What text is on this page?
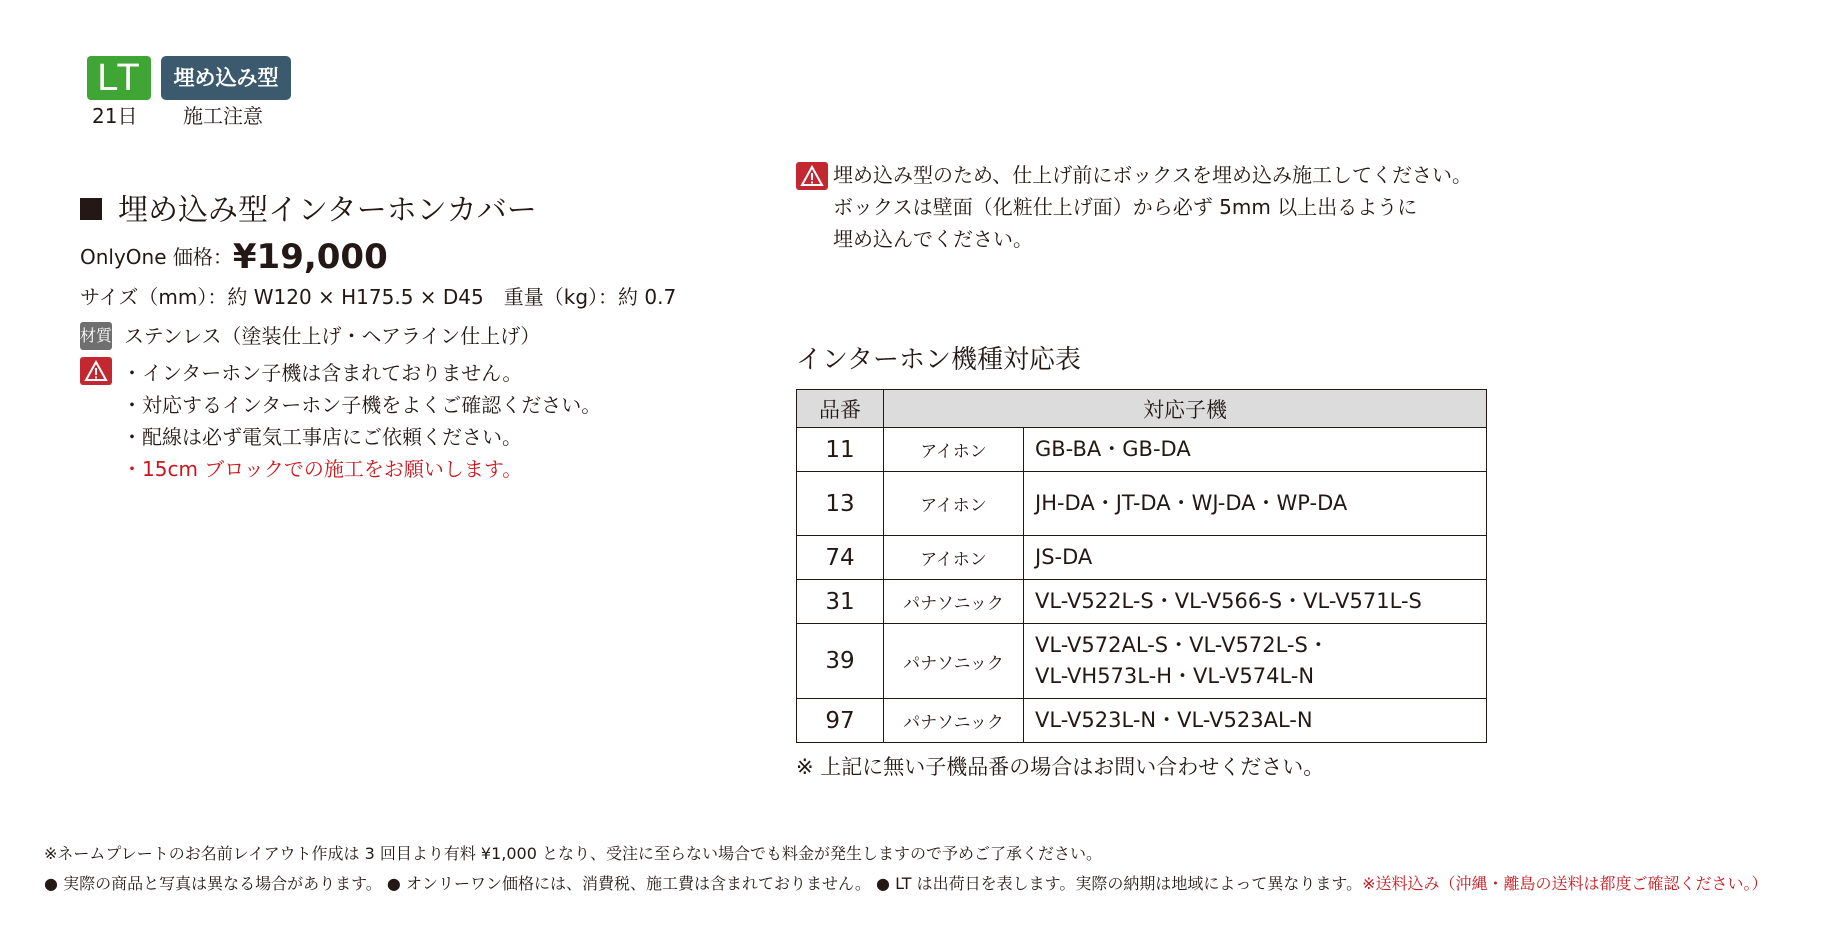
LT	埋め込み型
21日 施工注意
埋め込み型インターホンカバー
OnlyOne 価格：¥19,000
サイズ（mm）：約 W120 × H175.5 × D45　重量（kg）：約 0.7
材質 ステンレス（塗装仕上げ・ヘアライン仕上げ）
・インターホン子機は含まれておりません。
・対応するインターホン子機をよくご確認ください。
・配線は必ず電気工事店にご依頼ください。
・15cm ブロックでの施工をお願いします。
埋め込み型のため、仕上げ前にボックスを埋め込み施工してください。
ボックスは壁面（化粧仕上げ面）から必ず 5mm 以上出るように
埋め込んでください。
インターホン機種対応表
品番	対応子機	
11	アイホン	GB-BA・GB-DA

13	アイホン	JH-DA・JT-DA・WJ-DA・WP-DA

74	アイホン	JS-DA

31	パナソニック	VL-V522L-S・VL-V566-S・VL-V571L-S

39	パナソニック	VL-V572AL-S・VL-V572L-S・
VL-VH573L-H・VL-V574L-N

97	パナソニック	VL-V523L-N・VL-V523AL-N
※ 上記に無い子機品番の場合はお問い合わせください。
※ネームプレートのお名前レイアウト作成は 3 回目より有料 ¥1,000 となり、受注に至らない場合でも料金が発生しますので予めご了承ください。
● 実際の商品と写真は異なる場合があります。 ● オンリーワン価格には、消費税、施工費は含まれておりません。 ● LT は出荷日を表します。実際の納期は地域によって異なります。※送料込み（沖縄・離島の送料は都度ご確認ください。）
